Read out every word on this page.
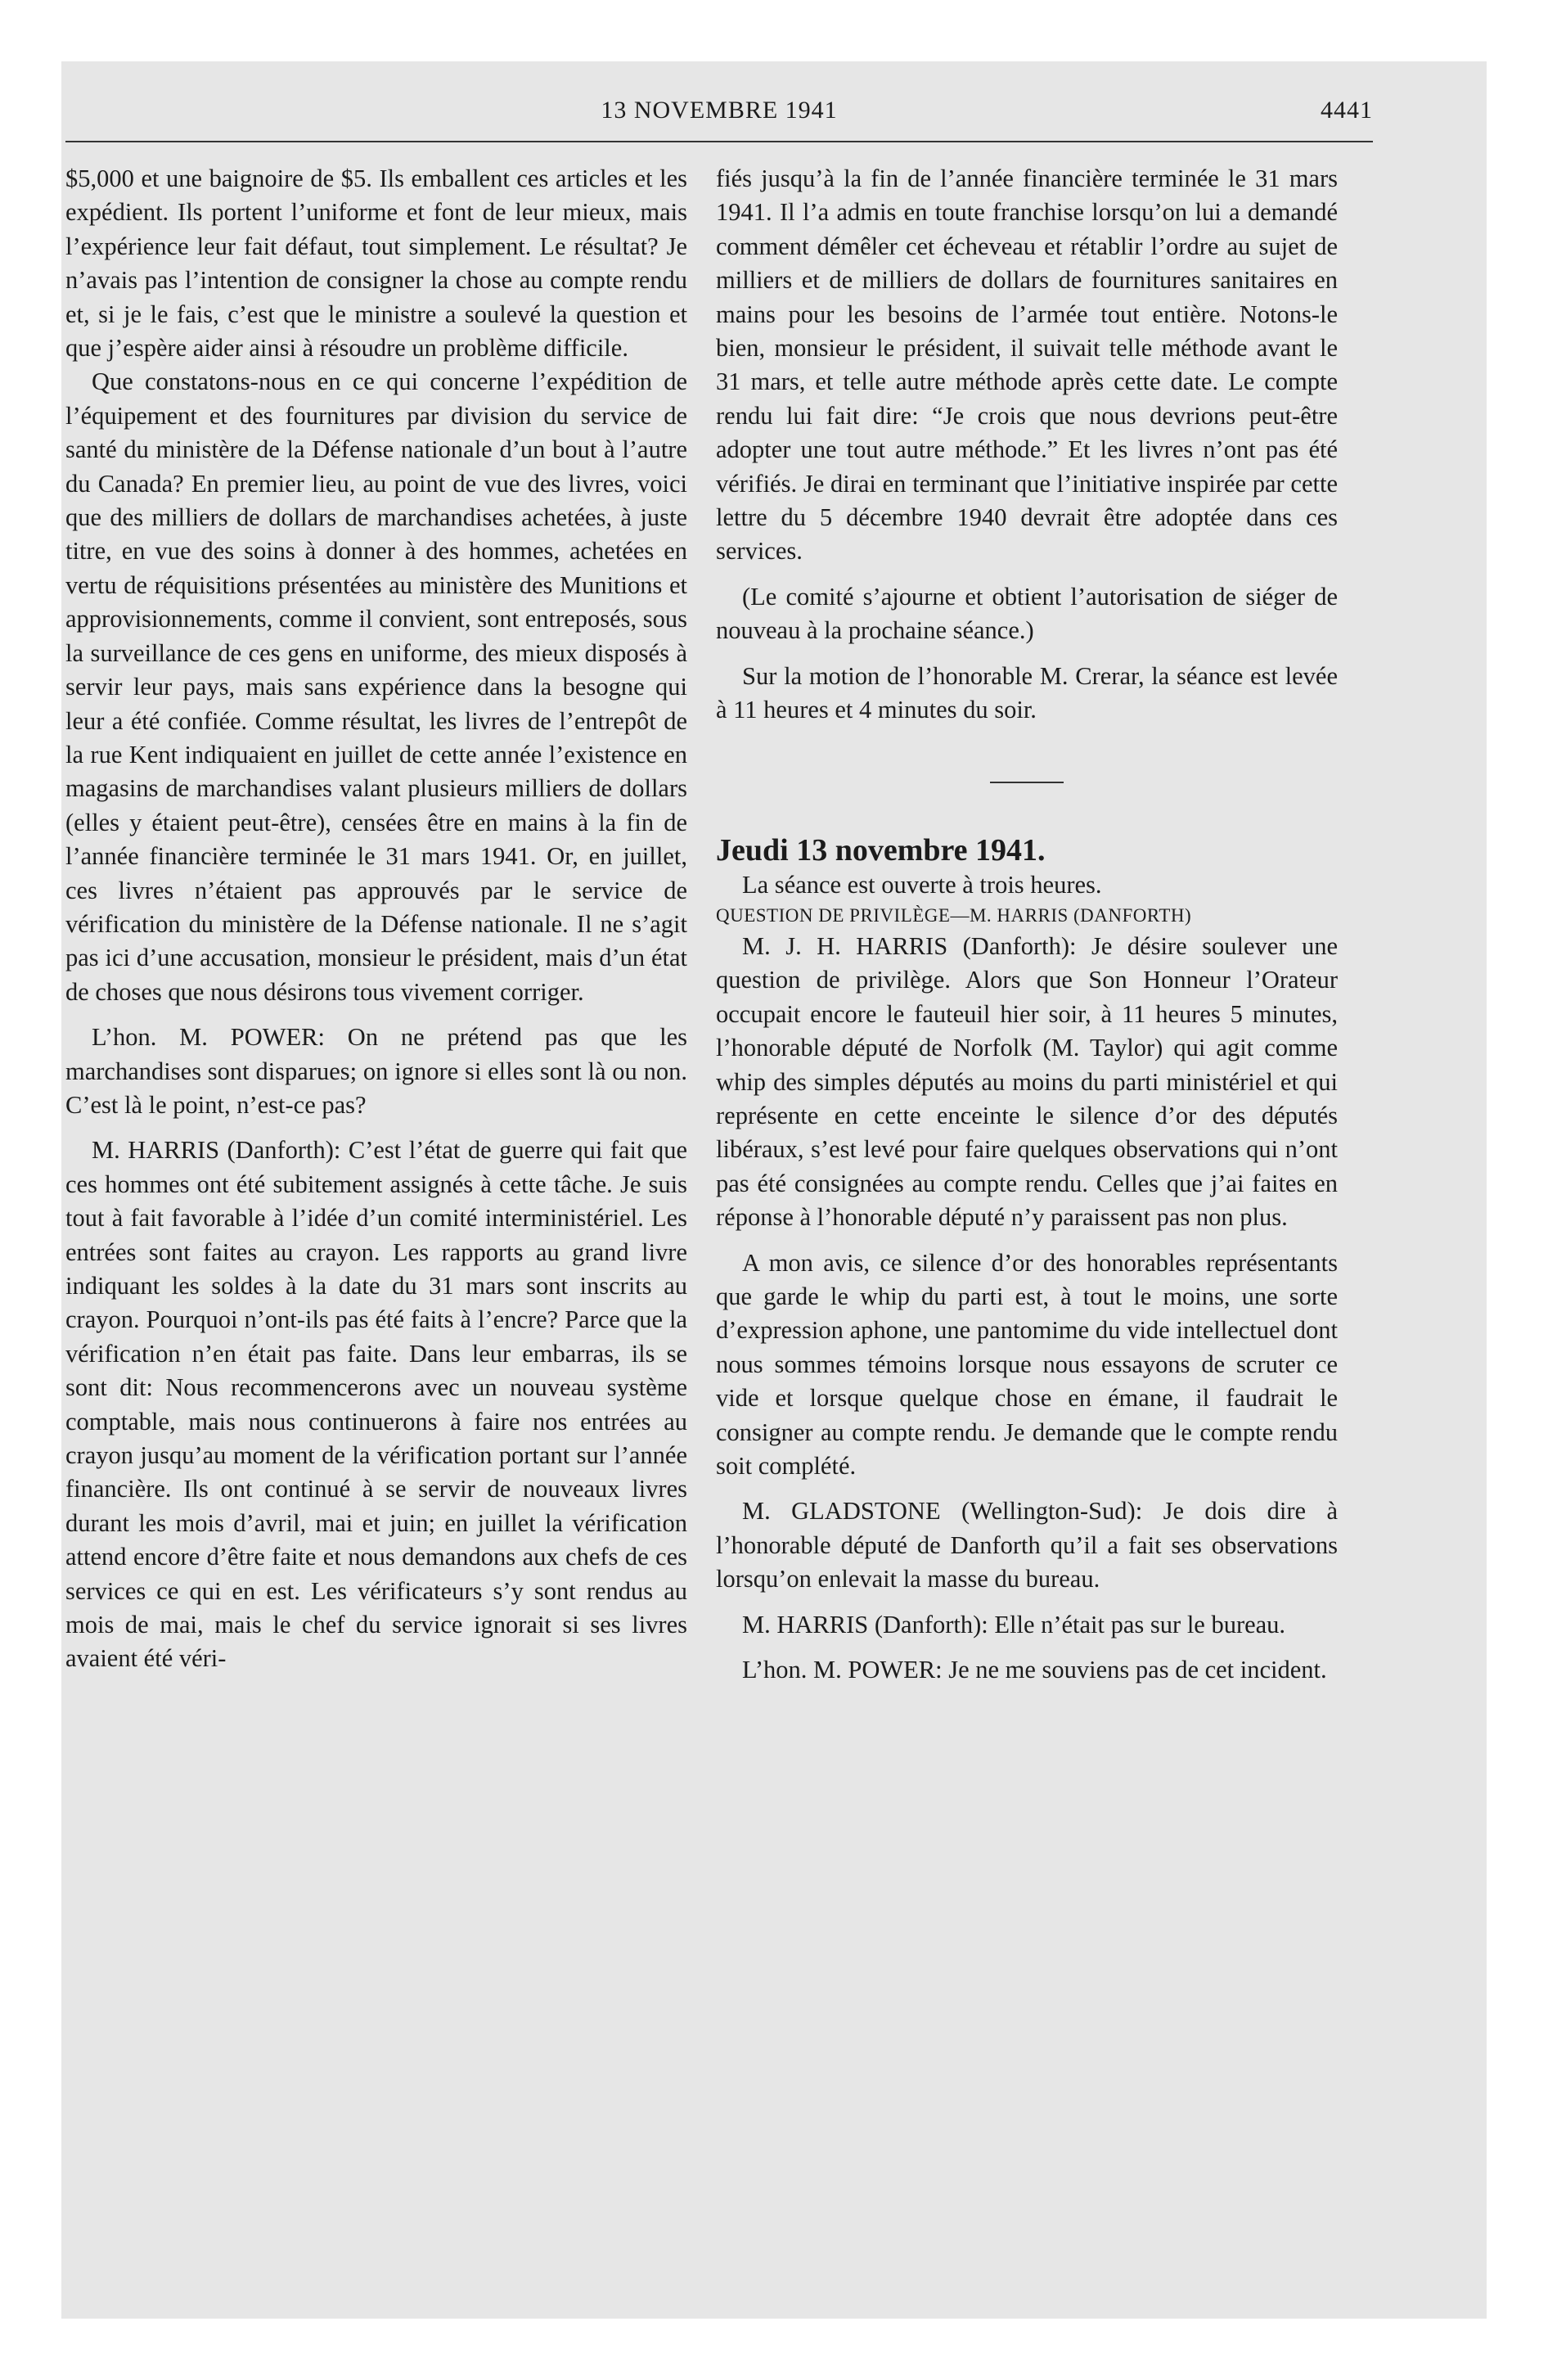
13 NOVEMBRE 1941	4441

$5,000 et une baignoire de $5. Ils emballent ces articles et les expédient. Ils portent l’uniforme et font de leur mieux, mais l’expérience leur fait défaut, tout simplement. Le résultat? Je n’avais pas l’intention de consigner la chose au compte rendu et, si je le fais, c’est que le ministre a soulevé la question et que j’espère aider ainsi à résoudre un problème difficile.

Que constatons-nous en ce qui concerne l’expédition de l’équipement et des fournitures par division du service de santé du ministère de la Défense nationale d’un bout à l’autre du Canada? En premier lieu, au point de vue des livres, voici que des milliers de dollars de marchandises achetées, à juste titre, en vue des soins à donner à des hommes, achetées en vertu de réquisitions présentées au ministère des Munitions et approvisionnements, comme il convient, sont entreposés, sous la surveillance de ces gens en uniforme, des mieux disposés à servir leur pays, mais sans expérience dans la besogne qui leur a été confiée. Comme résultat, les livres de l’entrepôt de la rue Kent indiquaient en juillet de cette année l’existence en magasins de marchandises valant plusieurs milliers de dollars (elles y étaient peut-être), censées être en mains à la fin de l’année financière terminée le 31 mars 1941. Or, en juillet, ces livres n’étaient pas approuvés par le service de vérification du ministère de la Défense nationale. Il ne s’agit pas ici d’une accusation, monsieur le président, mais d’un état de choses que nous désirons tous vivement corriger.

L’hon. M. POWER: On ne prétend pas que les marchandises sont disparues; on ignore si elles sont là ou non. C’est là le point, n’est-ce pas?

M. HARRIS (Danforth): C’est l’état de guerre qui fait que ces hommes ont été subitement assignés à cette tâche. Je suis tout à fait favorable à l’idée d’un comité interministériel. Les entrées sont faites au crayon. Les rapports au grand livre indiquant les soldes à la date du 31 mars sont inscrits au crayon. Pourquoi n’ont-ils pas été faits à l’encre? Parce que la vérification n’en était pas faite. Dans leur embarras, ils se sont dit: Nous recommencerons avec un nouveau système comptable, mais nous continuerons à faire nos entrées au crayon jusqu’au moment de la vérification portant sur l’année financière. Ils ont continué à se servir de nouveaux livres durant les mois d’avril, mai et juin; en juillet la vérification attend encore d’être faite et nous demandons aux chefs de ces services ce qui en est. Les vérificateurs s’y sont rendus au mois de mai, mais le chef du service ignorait si ses livres avaient été véri-

fiés jusqu’à la fin de l’année financière terminée le 31 mars 1941. Il l’a admis en toute franchise lorsqu’on lui a demandé comment démêler cet écheveau et rétablir l’ordre au sujet de milliers et de milliers de dollars de fournitures sanitaires en mains pour les besoins de l’armée tout entière. Notons-le bien, monsieur le président, il suivait telle méthode avant le 31 mars, et telle autre méthode après cette date. Le compte rendu lui fait dire: “Je crois que nous devrions peut-être adopter une tout autre méthode.” Et les livres n’ont pas été vérifiés. Je dirai en terminant que l’initiative inspirée par cette lettre du 5 décembre 1940 devrait être adoptée dans ces services.

(Le comité s’ajourne et obtient l’autorisation de siéger de nouveau à la prochaine séance.)

Sur la motion de l’honorable M. Crerar, la séance est levée à 11 heures et 4 minutes du soir.

Jeudi 13 novembre 1941.

La séance est ouverte à trois heures.

QUESTION DE PRIVILÈGE—M. HARRIS (DANFORTH)

M. J. H. HARRIS (Danforth): Je désire soulever une question de privilège. Alors que Son Honneur l’Orateur occupait encore le fauteuil hier soir, à 11 heures 5 minutes, l’honorable député de Norfolk (M. Taylor) qui agit comme whip des simples députés au moins du parti ministériel et qui représente en cette enceinte le silence d’or des députés libéraux, s’est levé pour faire quelques observations qui n’ont pas été consignées au compte rendu. Celles que j’ai faites en réponse à l’honorable député n’y paraissent pas non plus.

A mon avis, ce silence d’or des honorables représentants que garde le whip du parti est, à tout le moins, une sorte d’expression aphone, une pantomime du vide intellectuel dont nous sommes témoins lorsque nous essayons de scruter ce vide et lorsque quelque chose en émane, il faudrait le consigner au compte rendu. Je demande que le compte rendu soit complété.

M. GLADSTONE (Wellington-Sud): Je dois dire à l’honorable député de Danforth qu’il a fait ses observations lorsqu’on enlevait la masse du bureau.

M. HARRIS (Danforth): Elle n’était pas sur le bureau.

L’hon. M. POWER: Je ne me souviens pas de cet incident.
